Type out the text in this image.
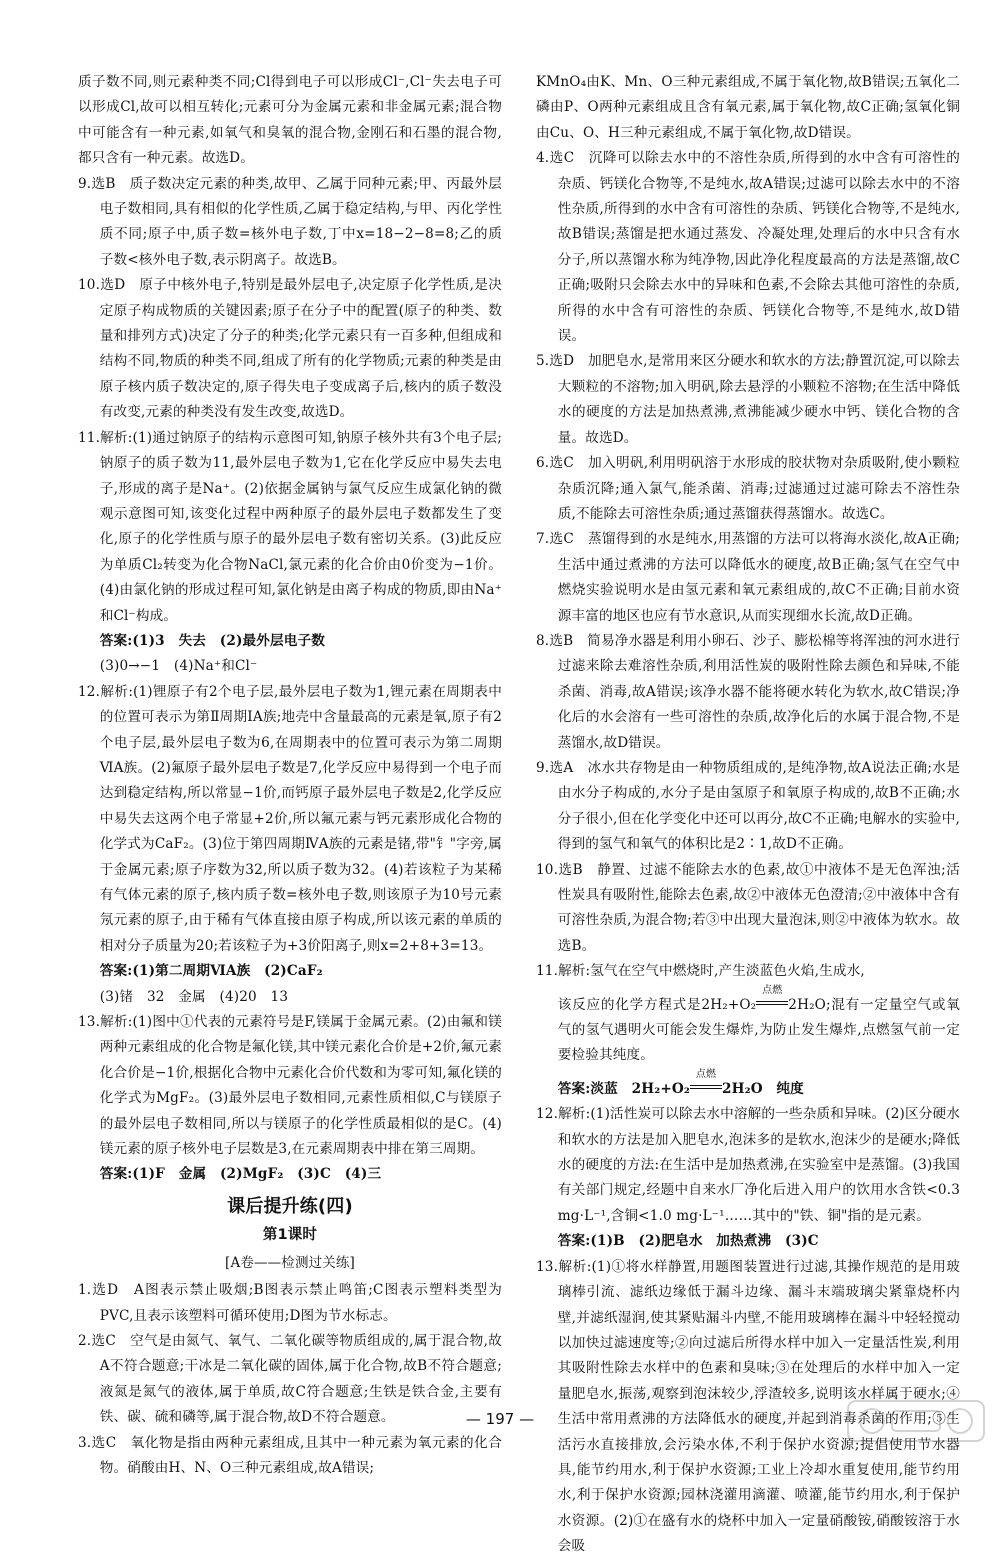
质子数不同,则元素种类不同;Cl得到电子可以形成Cl⁻,Cl⁻失去电子可以形成Cl,故可以相互转化;元素可分为金属元素和非金属元素;混合物中可能含有一种元素,如氧气和臭氧的混合物,金刚石和石墨的混合物,都只含有一种元素。故选D。

9.选B　质子数决定元素的种类,故甲、乙属于同种元素;甲、丙最外层电子数相同,具有相似的化学性质,乙属于稳定结构,与甲、丙化学性质不同;原子中,质子数=核外电子数,丁中x=18−2−8=8;乙的质子数<核外电子数,表示阴离子。故选B。

10.选D　原子中核外电子,特别是最外层电子,决定原子化学性质,是决定原子构成物质的关键因素;原子在分子中的配置(原子的种类、数量和排列方式)决定了分子的种类;化学元素只有一百多种,但组成和结构不同,物质的种类不同,组成了所有的化学物质;元素的种类是由原子核内质子数决定的,原子得失电子变成离子后,核内的质子数没有改变,元素的种类没有发生改变,故选D。

11.解析:(1)通过钠原子的结构示意图可知,钠原子核外共有3个电子层;钠原子的质子数为11,最外层电子数为1,它在化学反应中易失去电子,形成的离子是Na⁺。(2)依据金属钠与氯气反应生成氯化钠的微观示意图可知,该变化过程中两种原子的最外层电子数都发生了变化,原子的化学性质与原子的最外层电子数有密切关系。(3)此反应为单质Cl₂转变为化合物NaCl,氯元素的化合价由0价变为−1价。(4)由氯化钠的形成过程可知,氯化钠是由离子构成的物质,即由Na⁺和Cl⁻构成。

答案:(1)3　失去　(2)最外层电子数

(3)0→−1　(4)Na⁺和Cl⁻

12.解析:(1)锂原子有2个电子层,最外层电子数为1,锂元素在周期表中的位置可表示为第Ⅱ周期ⅠA族;地壳中含量最高的元素是氧,原子有2个电子层,最外层电子数为6,在周期表中的位置可表示为第二周期ⅥA族。(2)氟原子最外层电子数是7,化学反应中易得到一个电子而达到稳定结构,所以常显−1价,而钙原子最外层电子数是2,化学反应中易失去这两个电子常显+2价,所以氟元素与钙元素形成化合物的化学式为CaF₂。(3)位于第四周期ⅣA族的元素是锗,带"钅"字旁,属于金属元素;原子序数为32,所以质子数为32。(4)若该粒子为某稀有气体元素的原子,核内质子数=核外电子数,则该原子为10号元素氖元素的原子,由于稀有气体直接由原子构成,所以该元素的单质的相对分子质量为20;若该粒子为+3价阳离子,则x=2+8+3=13。

答案:(1)第二周期ⅥA族　(2)CaF₂

(3)锗　32　金属　(4)20　13

13.解析:(1)图中①代表的元素符号是F,镁属于金属元素。(2)由氟和镁两种元素组成的化合物是氟化镁,其中镁元素化合价是+2价,氟元素化合价是−1价,根据化合物中元素化合价代数和为零可知,氟化镁的化学式为MgF₂。(3)最外层电子数相同,元素性质相似,C与镁原子的最外层电子数相同,所以与镁原子的化学性质最相似的是C。(4)镁元素的原子核外电子层数是3,在元素周期表中排在第三周期。

答案:(1)F　金属　(2)MgF₂　(3)C　(4)三

课后提升练(四)
第1课时
[A卷——检测过关练]

1.选D　A图表示禁止吸烟;B图表示禁止鸣笛;C图表示塑料类型为PVC,且表示该塑料可循环使用;D图为节水标志。

2.选C　空气是由氮气、氧气、二氧化碳等物质组成的,属于混合物,故A不符合题意;干冰是二氧化碳的固体,属于化合物,故B不符合题意;液氮是氮气的液体,属于单质,故C符合题意;生铁是铁合金,主要有铁、碳、硫和磷等,属于混合物,故D不符合题意。

3.选C　氧化物是指由两种元素组成,且其中一种元素为氧元素的化合物。硝酸由H、N、O三种元素组成,故A错误;

KMnO₄由K、Mn、O三种元素组成,不属于氧化物,故B错误;五氧化二磷由P、O两种元素组成且含有氧元素,属于氧化物,故C正确;氢氧化铜由Cu、O、H三种元素组成,不属于氧化物,故D错误。

4.选C　沉降可以除去水中的不溶性杂质,所得到的水中含有可溶性的杂质、钙镁化合物等,不是纯水,故A错误;过滤可以除去水中的不溶性杂质,所得到的水中含有可溶性的杂质、钙镁化合物等,不是纯水,故B错误;蒸馏是把水通过蒸发、冷凝处理,处理后的水中只含有水分子,所以蒸馏水称为纯净物,因此净化程度最高的方法是蒸馏,故C正确;吸附只会除去水中的异味和色素,不会除去其他可溶性的杂质,所得的水中含有可溶性的杂质、钙镁化合物等,不是纯水,故D错误。

5.选D　加肥皂水,是常用来区分硬水和软水的方法;静置沉淀,可以除去大颗粒的不溶物;加入明矾,除去悬浮的小颗粒不溶物;在生活中降低水的硬度的方法是加热煮沸,煮沸能减少硬水中钙、镁化合物的含量。故选D。

6.选C　加入明矾,利用明矾溶于水形成的胶状物对杂质吸附,使小颗粒杂质沉降;通入氯气,能杀菌、消毒;过滤通过过滤可除去不溶性杂质,不能除去可溶性杂质;通过蒸馏获得蒸馏水。故选C。

7.选C　蒸馏得到的水是纯水,用蒸馏的方法可以将海水淡化,故A正确;生活中通过煮沸的方法可以降低水的硬度,故B正确;氢气在空气中燃烧实验说明水是由氢元素和氧元素组成的,故C不正确;目前水资源丰富的地区也应有节水意识,从而实现细水长流,故D正确。

8.选B　简易净水器是利用小卵石、沙子、膨松棉等将浑浊的河水进行过滤来除去难溶性杂质,利用活性炭的吸附性除去颜色和异味,不能杀菌、消毒,故A错误;该净水器不能将硬水转化为软水,故C错误;净化后的水会溶有一些可溶性的杂质,故净化后的水属于混合物,不是蒸馏水,故D错误。

9.选A　冰水共存物是由一种物质组成的,是纯净物,故A说法正确;水是由水分子构成的,水分子是由氢原子和氧原子构成的,故B不正确;水分子很小,但在化学变化中还可以再分,故C不正确;电解水的实验中,得到的氢气和氧气的体积比是2∶1,故D不正确。

10.选B　静置、过滤不能除去水的色素,故①中液体不是无色浑浊;活性炭具有吸附性,能除去色素,故②中液体无色澄清;②中液体中含有可溶性杂质,为混合物;若③中出现大量泡沫,则②中液体为软水。故选B。

11.解析:氢气在空气中燃烧时,产生淡蓝色火焰,生成水,

该反应的化学方程式是2H₂+O₂点燃
2H₂O;混有一定量空气或氧气的氢气遇明火可能会发生爆炸,为防止发生爆炸,点燃氢气前一定要检验其纯度。

答案:淡蓝　2H₂+O₂点燃
2H₂O　纯度

12.解析:(1)活性炭可以除去水中溶解的一些杂质和异味。(2)区分硬水和软水的方法是加入肥皂水,泡沫多的是软水,泡沫少的是硬水;降低水的硬度的方法:在生活中是加热煮沸,在实验室中是蒸馏。(3)我国有关部门规定,经题中自来水厂净化后进入用户的饮用水含铁<0.3 mg·L⁻¹,含铜<1.0 mg·L⁻¹……其中的"铁、铜"指的是元素。

答案:(1)B　(2)肥皂水　加热煮沸　(3)C

13.解析:(1)①将水样静置,用题图装置进行过滤,其操作规范的是用玻璃棒引流、滤纸边缘低于漏斗边缘、漏斗末端玻璃尖紧靠烧杯内壁,并滤纸湿润,使其紧贴漏斗内壁,不能用玻璃棒在漏斗中轻轻搅动以加快过滤速度等;②向过滤后所得水样中加入一定量活性炭,利用其吸附性除去水样中的色素和臭味;③在处理后的水样中加入一定量肥皂水,振荡,观察到泡沫较少,浮渣较多,说明该水样属于硬水;④生活中常用煮沸的方法降低水的硬度,并起到消毒杀菌的作用;⑤生活污水直接排放,会污染水体,不利于保护水资源;提倡使用节水器具,能节约用水,利于保护水资源;工业上冷却水重复使用,能节约用水,利于保护水资源;园林浇灌用滴灌、喷灌,能节约用水,利于保护水资源。(2)①在盛有水的烧杯中加入一定量硝酸铵,硝酸铵溶于水会吸

— 197 —
